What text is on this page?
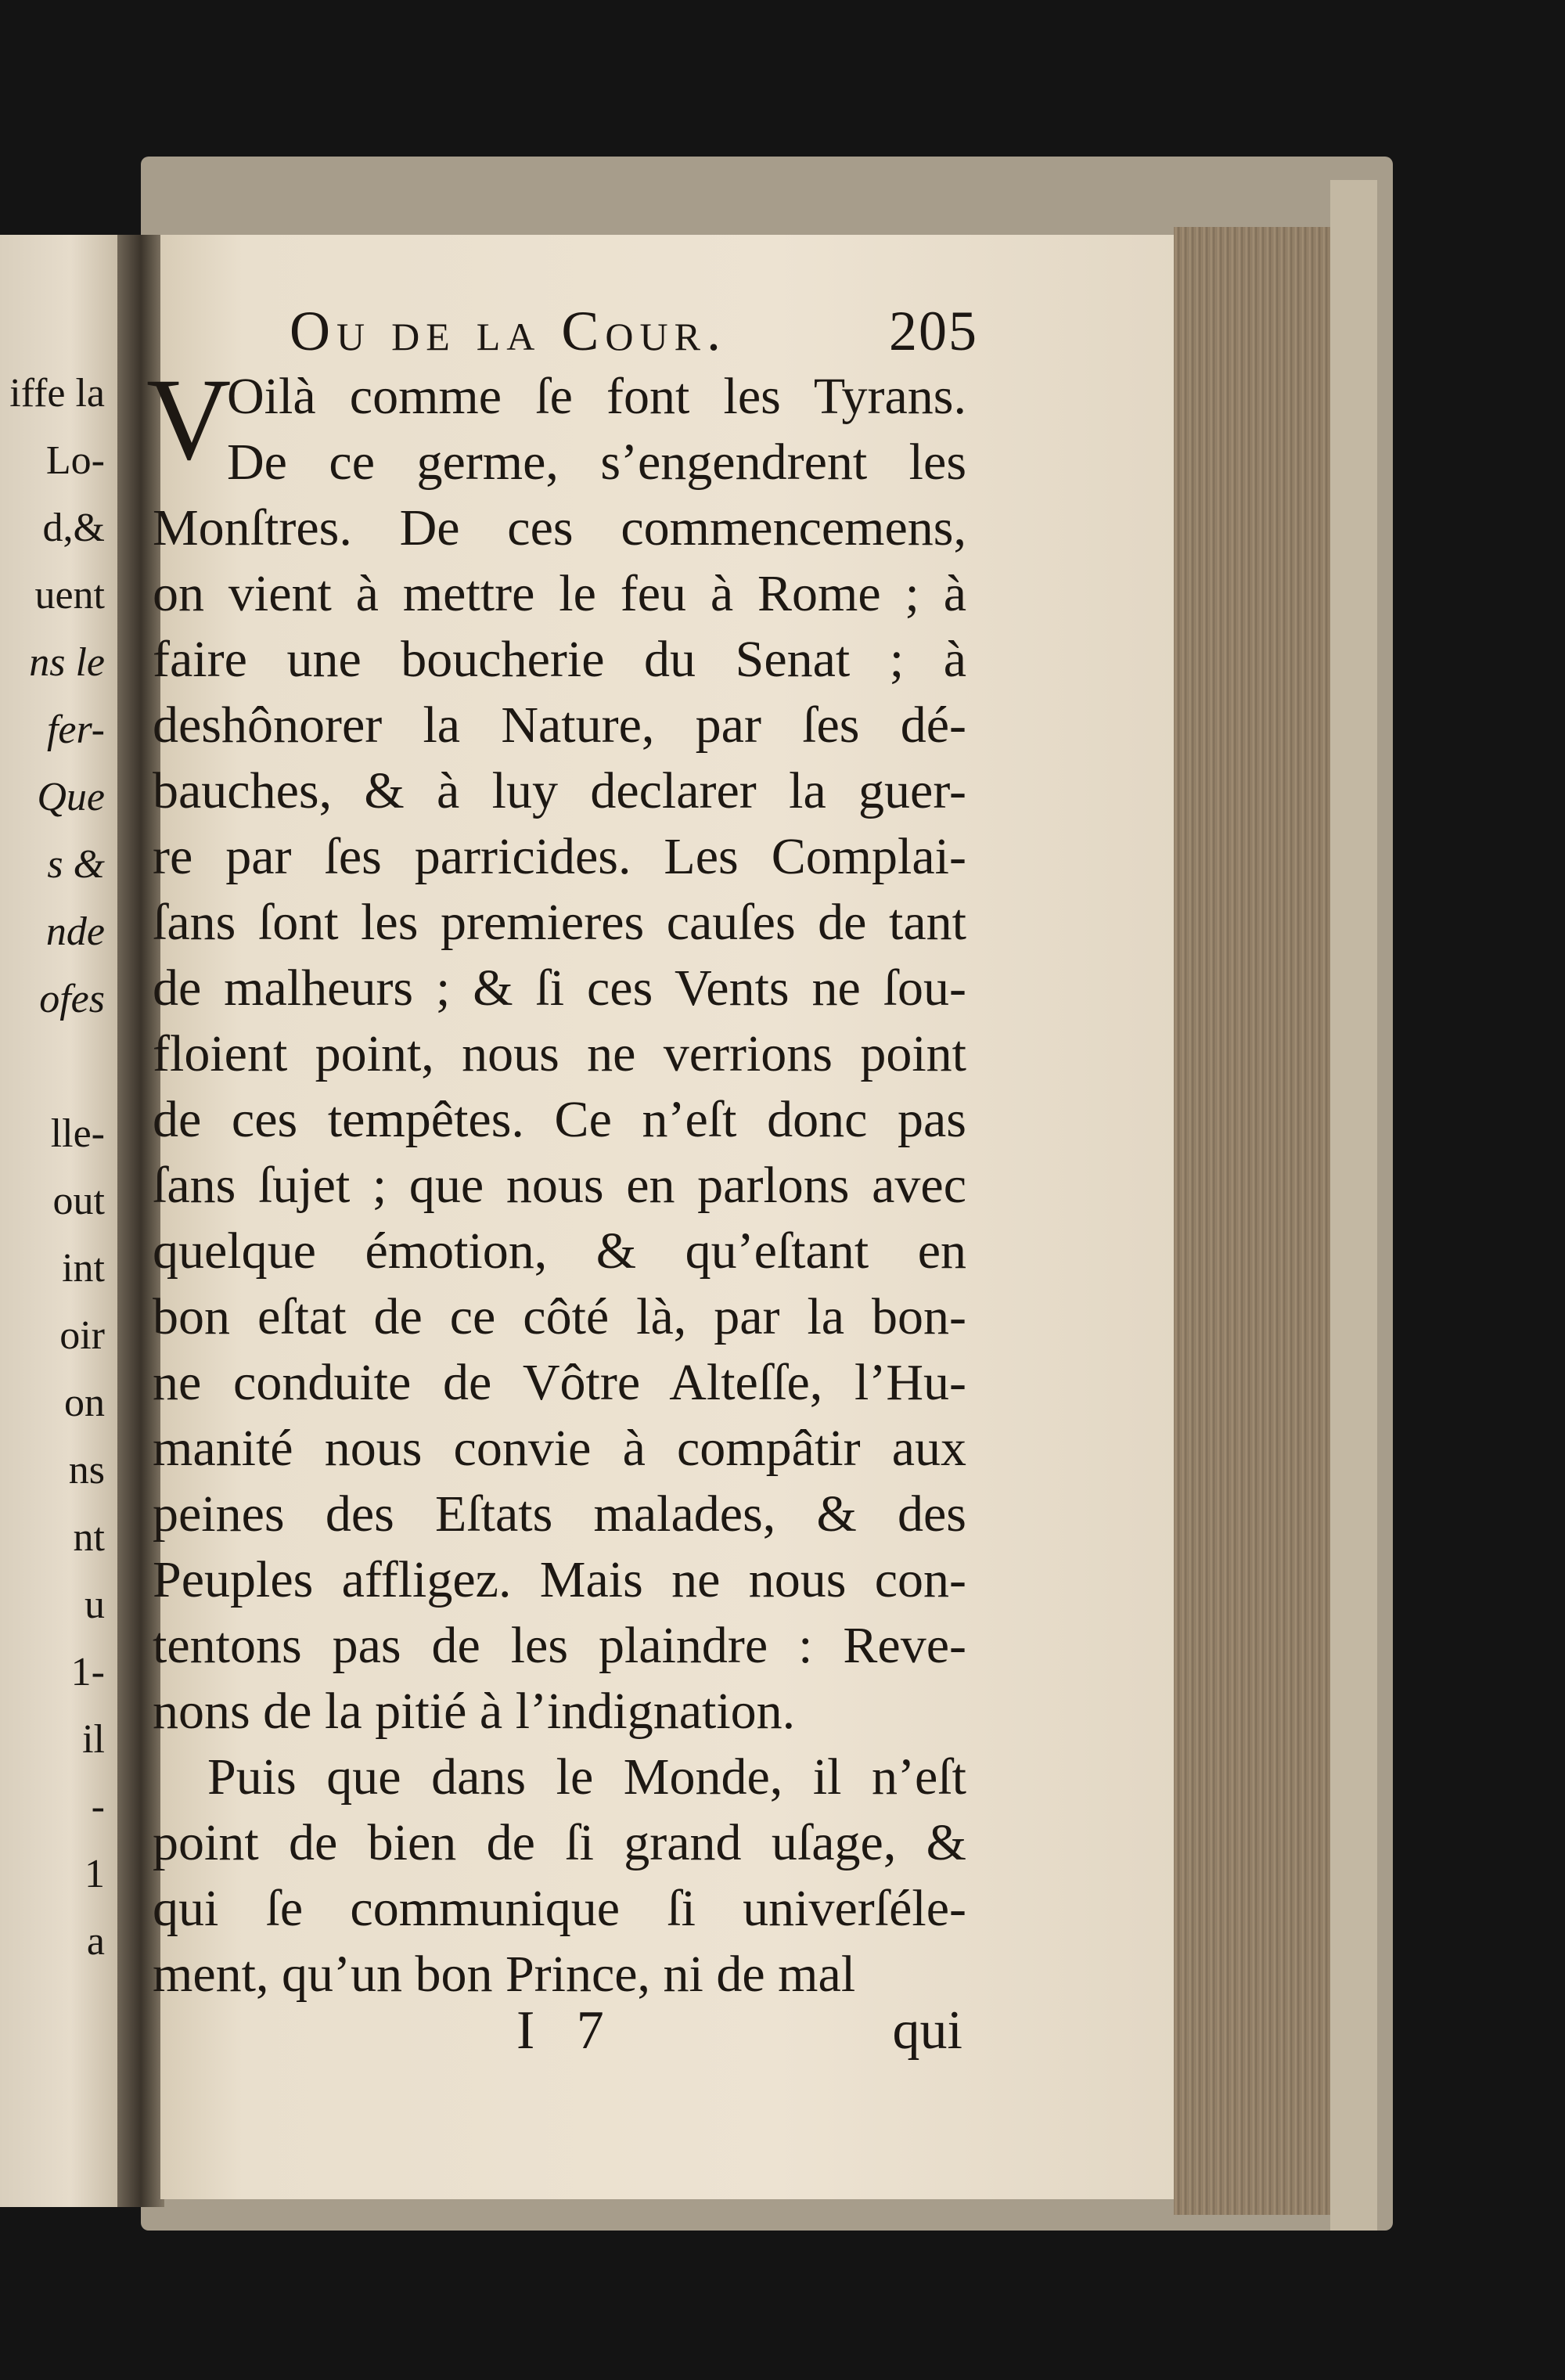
iffe la
Lo-
d,&
uent
ns le
fer-
Que
s &
nde
ofes
lle-
out
int
oir
on
ns
nt
u
1-
il
-
1
a
Ou de la Cour.	205
V
Oilà comme ſe font les Tyrans.
De ce germe, s’engendrent les
Monſtres. De ces commencemens,
on vient à mettre le feu à Rome ; à
faire une boucherie du Senat ; à
deshônorer la Nature, par ſes dé-
bauches, & à luy declarer la guer-
re par ſes parricides. Les Complai-
ſans ſont les premieres cauſes de tant
de malheurs ; & ſi ces Vents ne ſou-
floient point, nous ne verrions point
de ces tempêtes. Ce n’eſt donc pas
ſans ſujet ; que nous en parlons avec
quelque émotion, & qu’eſtant en
bon eſtat de ce côté là, par la bon-
ne conduite de Vôtre Alteſſe, l’Hu-
manité nous convie à compâtir aux
peines des Eſtats malades, & des
Peuples affligez. Mais ne nous con-
tentons pas de les plaindre : Reve-
nons de la pitié à l’indignation.
Puis que dans le Monde, il n’eſt
point de bien de ſi grand uſage, &
qui ſe communique ſi univerſéle-
ment, qu’un bon Prince, ni de mal
I 7	qui
